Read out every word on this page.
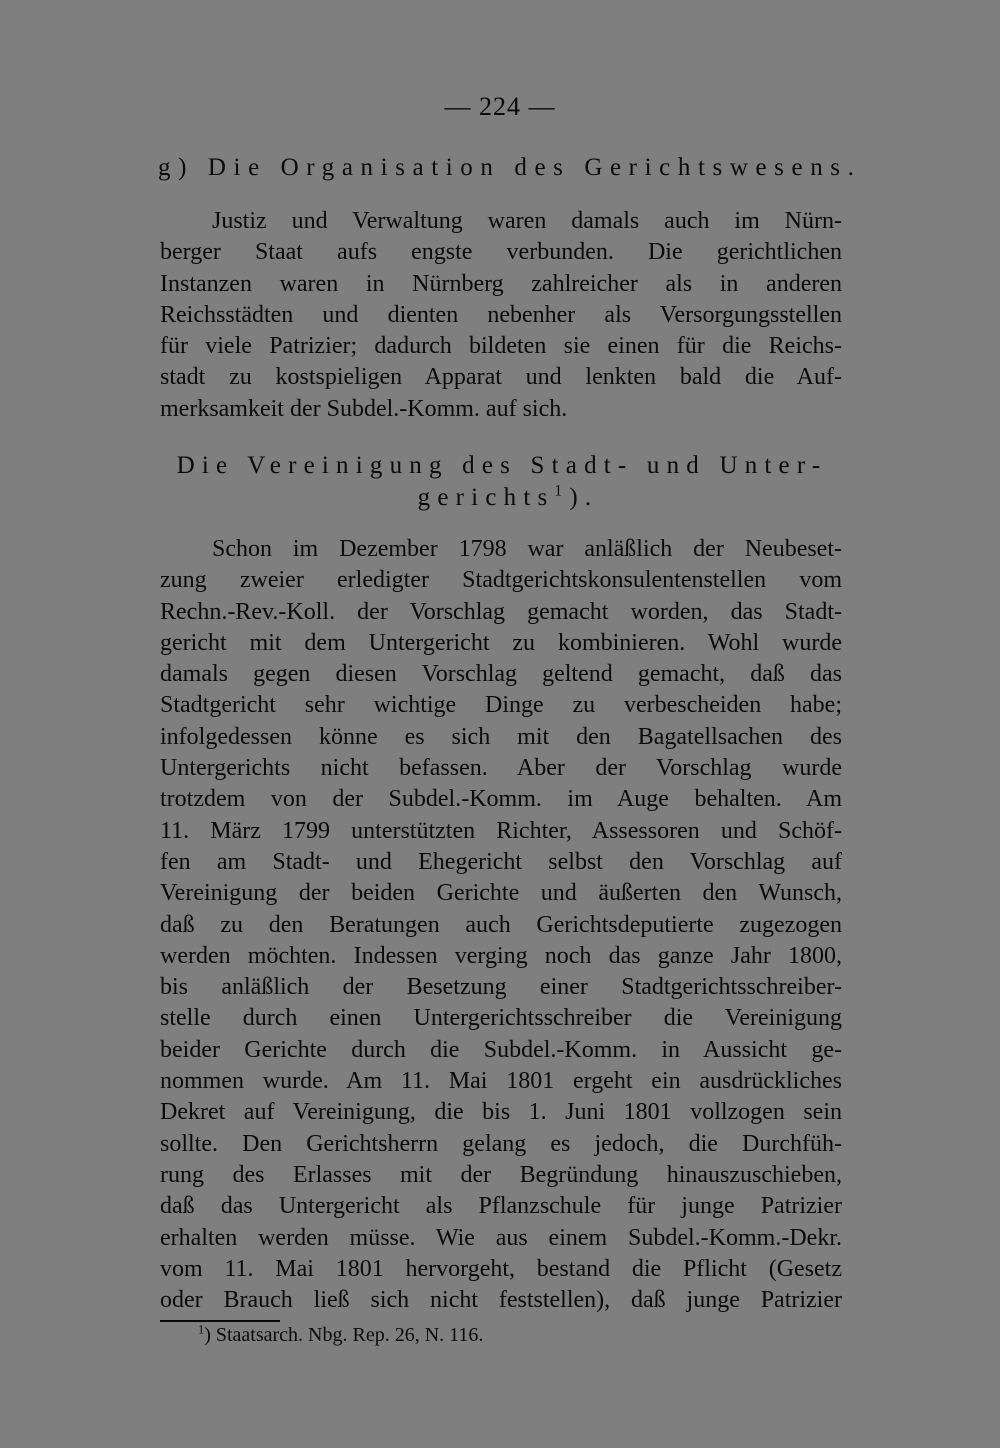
— 224 —
g) Die Organisation des Gerichtswesens.
Justiz und Verwaltung waren damals auch im Nürn-
berger Staat aufs engste verbunden. Die gerichtlichen
Instanzen waren in Nürnberg zahlreicher als in anderen
Reichsstädten und dienten nebenher als Versorgungsstellen
für viele Patrizier; dadurch bildeten sie einen für die Reichs-
stadt zu kostspieligen Apparat und lenkten bald die Auf-
merksamkeit der Subdel.-Komm. auf sich.
Die Vereinigung des Stadt- und Unter-
gerichts$^1$).
Schon im Dezember 1798 war anläßlich der Neubeset-
zung zweier erledigter Stadtgerichtskonsulentenstellen vom
Rechn.-Rev.-Koll. der Vorschlag gemacht worden, das Stadt-
gericht mit dem Untergericht zu kombinieren. Wohl wurde
damals gegen diesen Vorschlag geltend gemacht, daß das
Stadtgericht sehr wichtige Dinge zu verbescheiden habe;
infolgedessen könne es sich mit den Bagatellsachen des
Untergerichts nicht befassen. Aber der Vorschlag wurde
trotzdem von der Subdel.-Komm. im Auge behalten. Am
11. März 1799 unterstützten Richter, Assessoren und Schöf-
fen am Stadt- und Ehegericht selbst den Vorschlag auf
Vereinigung der beiden Gerichte und äußerten den Wunsch,
daß zu den Beratungen auch Gerichtsdeputierte zugezogen
werden möchten. Indessen verging noch das ganze Jahr 1800,
bis anläßlich der Besetzung einer Stadtgerichtsschreiber-
stelle durch einen Untergerichtsschreiber die Vereinigung
beider Gerichte durch die Subdel.-Komm. in Aussicht ge-
nommen wurde. Am 11. Mai 1801 ergeht ein ausdrückliches
Dekret auf Vereinigung, die bis 1. Juni 1801 vollzogen sein
sollte. Den Gerichtsherrn gelang es jedoch, die Durchfüh-
rung des Erlasses mit der Begründung hinauszuschieben,
daß das Untergericht als Pflanzschule für junge Patrizier
erhalten werden müsse. Wie aus einem Subdel.-Komm.-Dekr.
vom 11. Mai 1801 hervorgeht, bestand die Pflicht (Gesetz
oder Brauch ließ sich nicht feststellen), daß junge Patrizier
$^1$) Staatsarch. Nbg. Rep. 26, N. 116.
